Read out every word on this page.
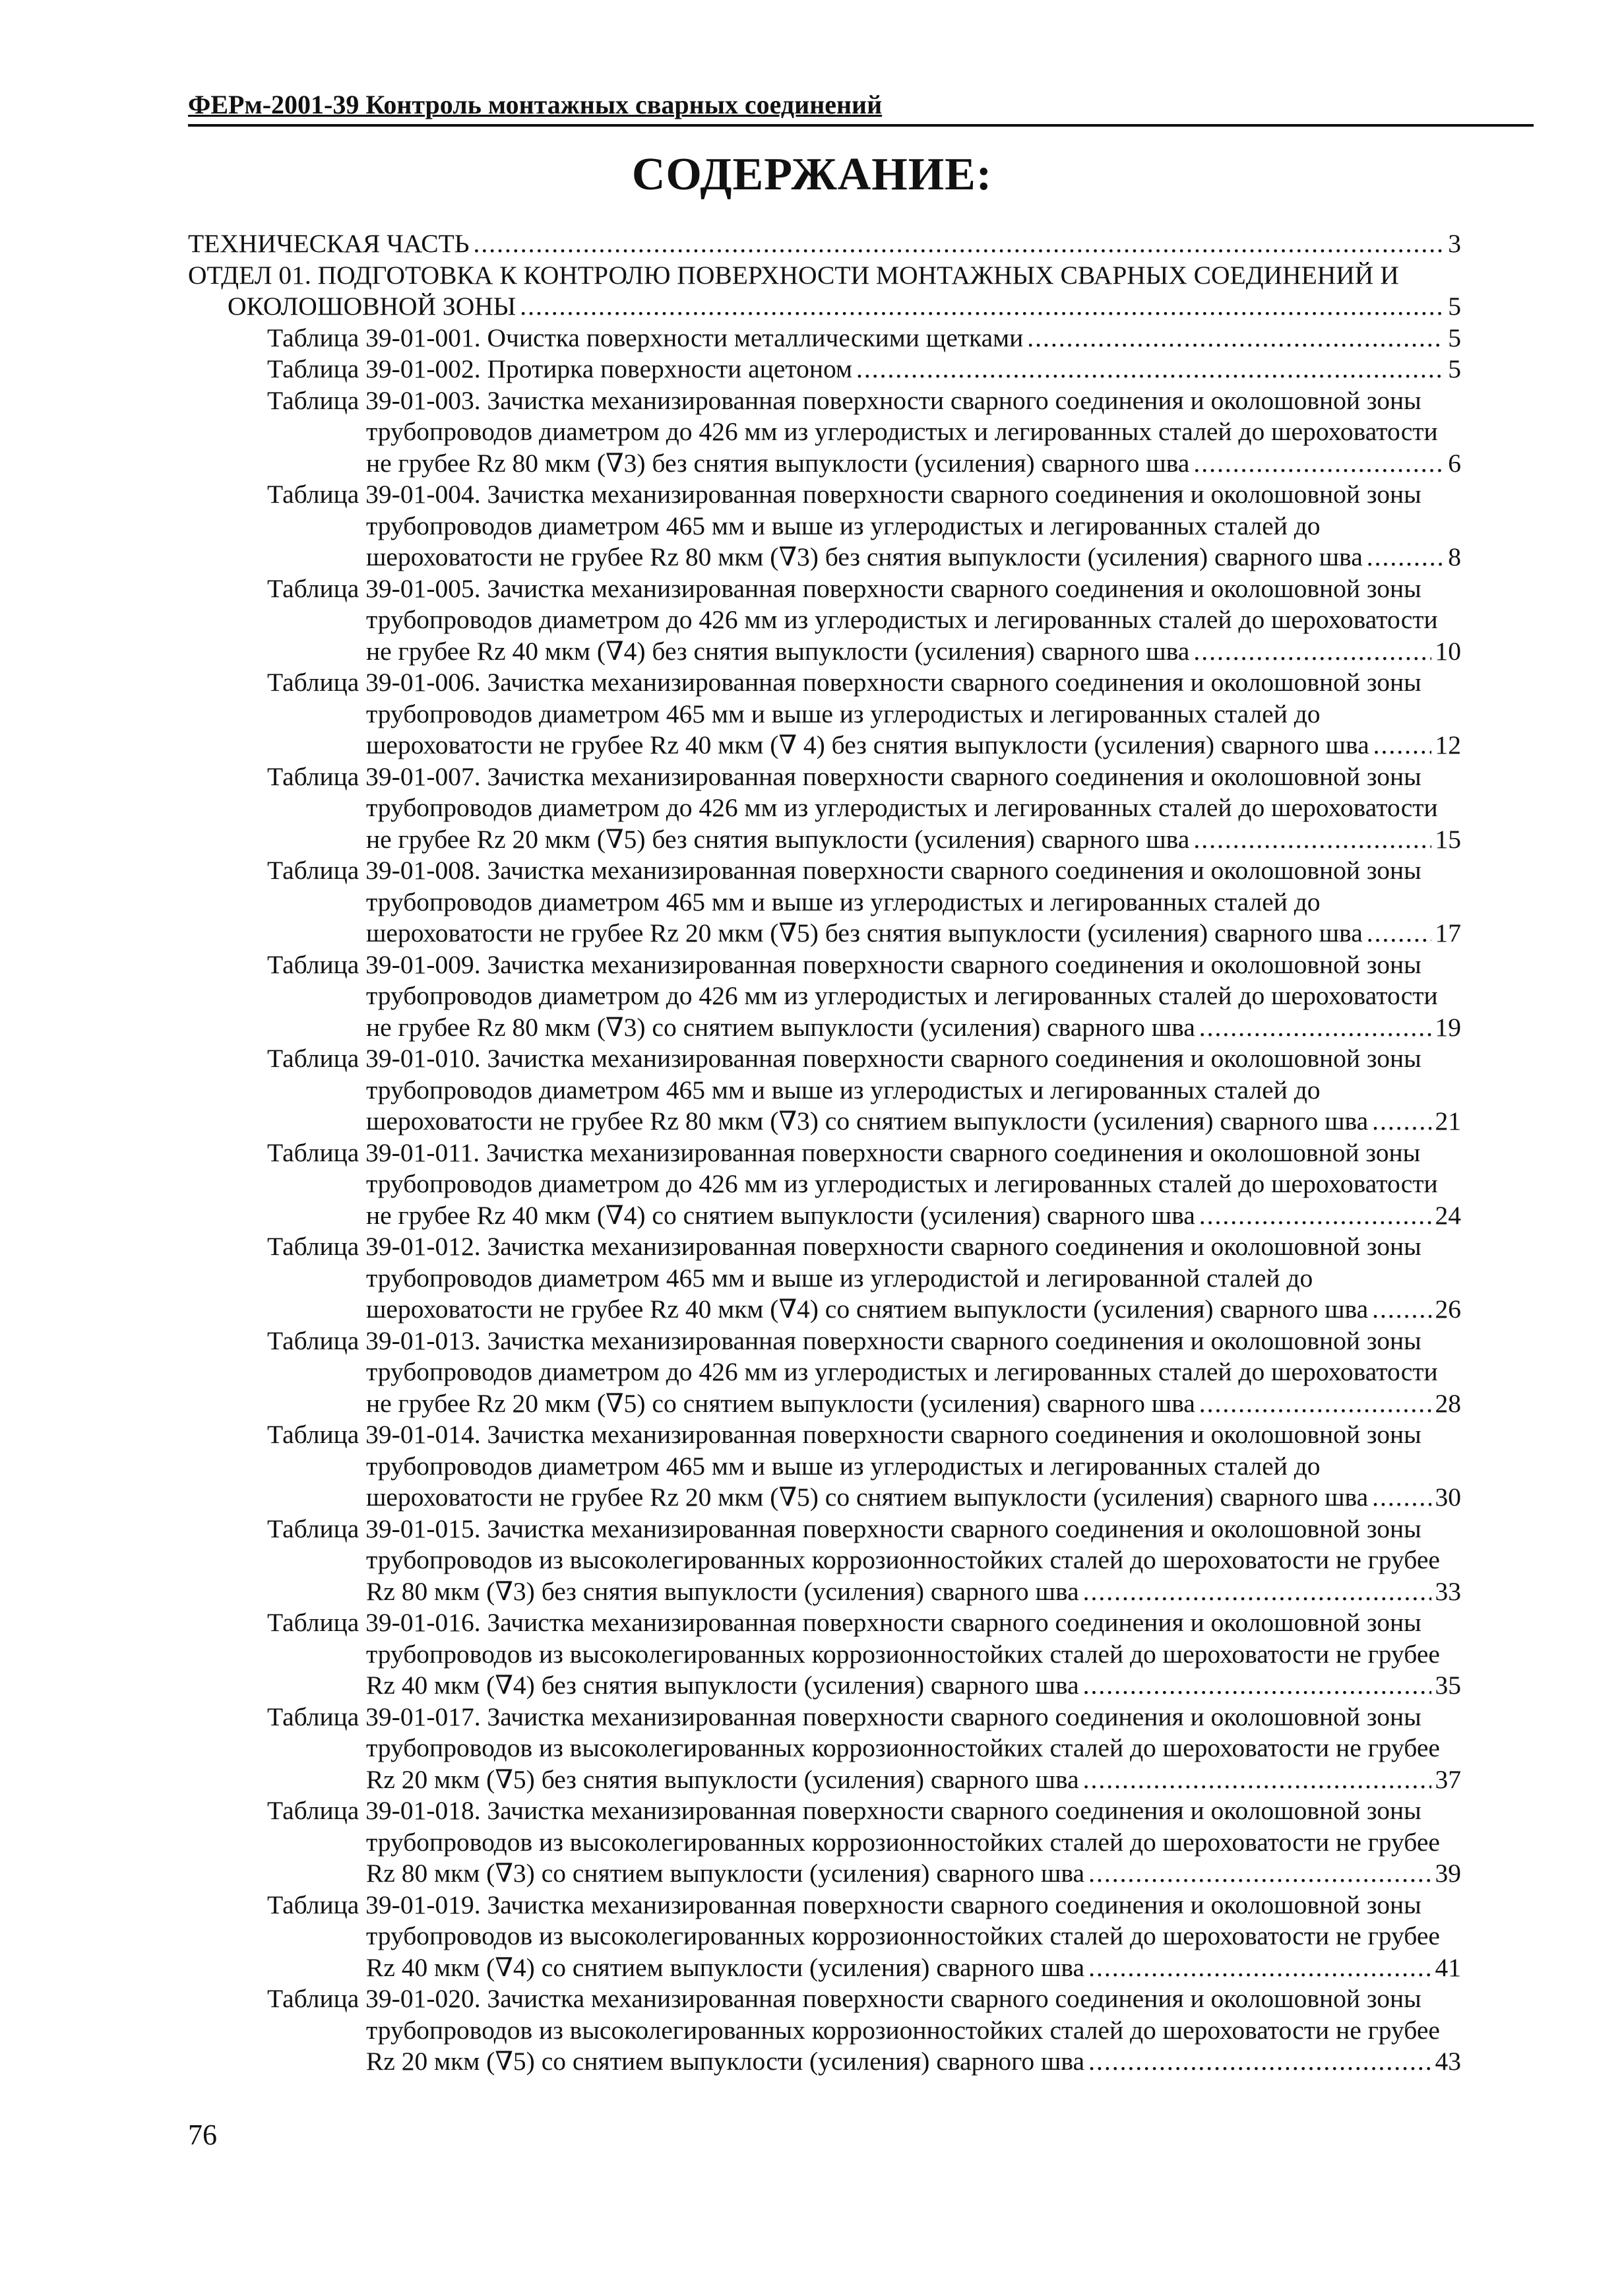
ФЕРм-2001-39 Контроль монтажных сварных соединений
СОДЕРЖАНИЕ:
ТЕХНИЧЕСКАЯ ЧАСТЬ .....	3
ОТДЕЛ 01. ПОДГОТОВКА К КОНТРОЛЮ ПОВЕРХНОСТИ МОНТАЖНЫХ СВАРНЫХ СОЕДИНЕНИЙ И
ОКОЛОШОВНОЙ ЗОНЫ .....	5
Таблица 39-01-001. Очистка поверхности металлическими щетками .....	5
Таблица 39-01-002. Протирка поверхности ацетоном .....	5
Таблица 39-01-003. Зачистка механизированная поверхности сварного соединения и околошовной зоны
трубопроводов диаметром до 426 мм из углеродистых и легированных сталей до шероховатости
не грубее Rz 80 мкм (∇3) без снятия выпуклости (усиления) сварного шва .....	6
Таблица 39-01-004. Зачистка механизированная поверхности сварного соединения и околошовной зоны
трубопроводов диаметром 465 мм и выше из углеродистых и легированных сталей до
шероховатости не грубее Rz 80 мкм (∇3) без снятия выпуклости (усиления) сварного шва .....	8
Таблица 39-01-005. Зачистка механизированная поверхности сварного соединения и околошовной зоны
трубопроводов диаметром до 426 мм из углеродистых и легированных сталей до шероховатости
не грубее Rz 40 мкм (∇4) без снятия выпуклости (усиления) сварного шва .....	10
Таблица 39-01-006. Зачистка механизированная поверхности сварного соединения и околошовной зоны
трубопроводов диаметром 465 мм и выше из углеродистых и легированных сталей до
шероховатости не грубее Rz 40 мкм (∇ 4) без снятия выпуклости (усиления) сварного шва .....	12
Таблица 39-01-007. Зачистка механизированная поверхности сварного соединения и околошовной зоны
трубопроводов диаметром до 426 мм из углеродистых и легированных сталей до шероховатости
не грубее Rz 20 мкм (∇5) без снятия выпуклости (усиления) сварного шва .....	15
Таблица 39-01-008. Зачистка механизированная поверхности сварного соединения и околошовной зоны
трубопроводов диаметром 465 мм и выше из углеродистых и легированных сталей до
шероховатости не грубее Rz 20 мкм (∇5) без снятия выпуклости (усиления) сварного шва .....	17
Таблица 39-01-009. Зачистка механизированная поверхности сварного соединения и околошовной зоны
трубопроводов диаметром до 426 мм из углеродистых и легированных сталей до шероховатости
не грубее Rz 80 мкм (∇3) со снятием выпуклости (усиления) сварного шва .....	19
Таблица 39-01-010. Зачистка механизированная поверхности сварного соединения и околошовной зоны
трубопроводов диаметром 465 мм и выше из углеродистых и легированных сталей до
шероховатости не грубее Rz 80 мкм (∇3) со снятием выпуклости (усиления) сварного шва .....	21
Таблица 39-01-011. Зачистка механизированная поверхности сварного соединения и околошовной зоны
трубопроводов диаметром до 426 мм из углеродистых и легированных сталей до шероховатости
не грубее Rz 40 мкм (∇4) со снятием выпуклости (усиления) сварного шва .....	24
Таблица 39-01-012. Зачистка механизированная поверхности сварного соединения и околошовной зоны
трубопроводов диаметром 465 мм и выше из углеродистой и легированной сталей до
шероховатости не грубее Rz 40 мкм (∇4) со снятием выпуклости (усиления) сварного шва .....	26
Таблица 39-01-013. Зачистка механизированная поверхности сварного соединения и околошовной зоны
трубопроводов диаметром до 426 мм из углеродистых и легированных сталей до шероховатости
не грубее Rz 20 мкм (∇5) со снятием выпуклости (усиления) сварного шва .....	28
Таблица 39-01-014. Зачистка механизированная поверхности сварного соединения и околошовной зоны
трубопроводов диаметром 465 мм и выше из углеродистых и легированных сталей до
шероховатости не грубее Rz 20 мкм (∇5) со снятием выпуклости (усиления) сварного шва .....	30
Таблица 39-01-015. Зачистка механизированная поверхности сварного соединения и околошовной зоны
трубопроводов из высоколегированных коррозионностойких сталей до шероховатости не грубее
Rz 80 мкм (∇3) без снятия выпуклости (усиления) сварного шва .....	33
Таблица 39-01-016. Зачистка механизированная поверхности сварного соединения и околошовной зоны
трубопроводов из высоколегированных коррозионностойких сталей до шероховатости не грубее
Rz 40 мкм (∇4) без снятия выпуклости (усиления) сварного шва .....	35
Таблица 39-01-017. Зачистка механизированная поверхности сварного соединения и околошовной зоны
трубопроводов из высоколегированных коррозионностойких сталей до шероховатости не грубее
Rz 20 мкм (∇5) без снятия выпуклости (усиления) сварного шва .....	37
Таблица 39-01-018. Зачистка механизированная поверхности сварного соединения и околошовной зоны
трубопроводов из высоколегированных коррозионностойких сталей до шероховатости не грубее
Rz 80 мкм (∇3) со снятием выпуклости (усиления) сварного шва .....	39
Таблица 39-01-019. Зачистка механизированная поверхности сварного соединения и околошовной зоны
трубопроводов из высоколегированных коррозионностойких сталей до шероховатости не грубее
Rz 40 мкм (∇4) со снятием выпуклости (усиления) сварного шва .....	41
Таблица 39-01-020. Зачистка механизированная поверхности сварного соединения и околошовной зоны
трубопроводов из высоколегированных коррозионностойких сталей до шероховатости не грубее
Rz 20 мкм (∇5) со снятием выпуклости (усиления) сварного шва .....	43
76
